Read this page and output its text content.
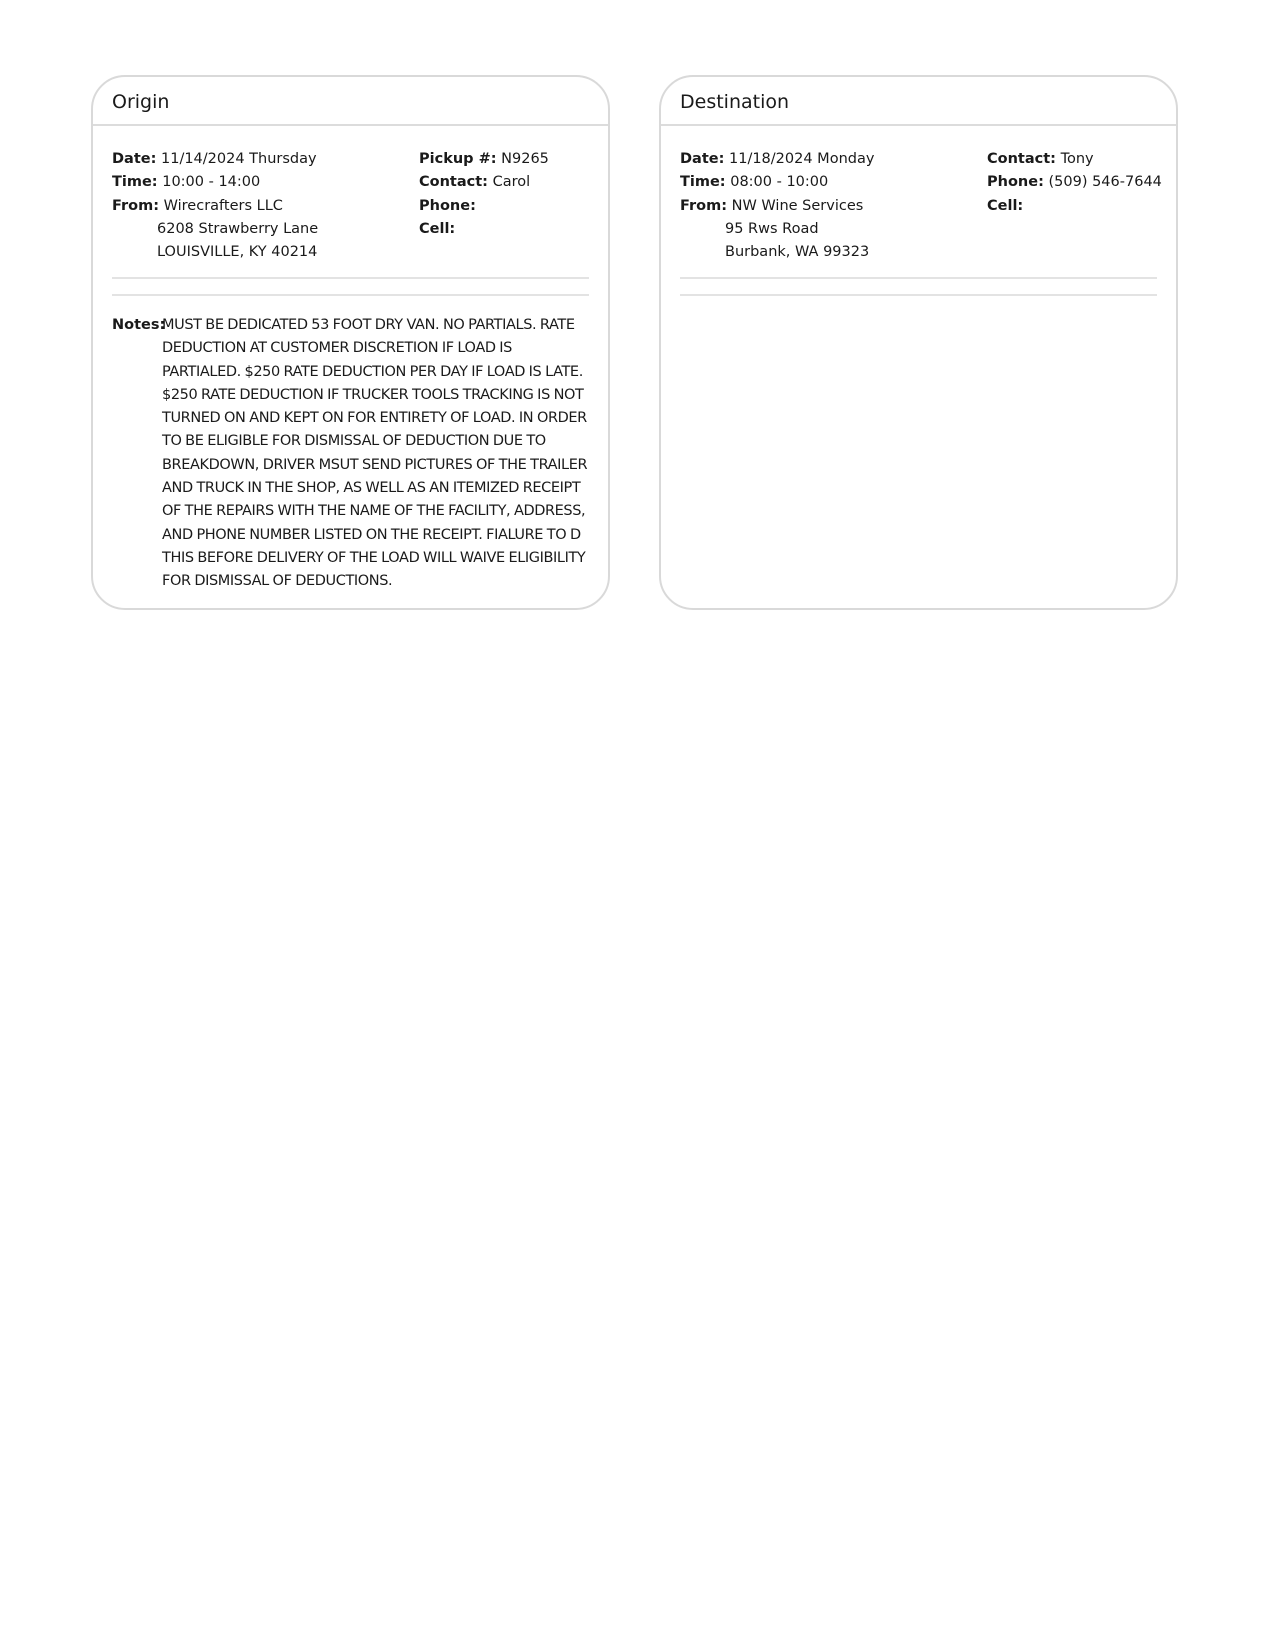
Origin
Date: 11/14/2024 Thursday
Time: 10:00 - 14:00
From: Wirecrafters LLC
6208 Strawberry Lane
LOUISVILLE, KY 40214
Pickup #: N9265
Contact: Carol
Phone:
Cell:
Notes:
MUST BE DEDICATED 53 FOOT DRY VAN. NO PARTIALS. RATE DEDUCTION AT CUSTOMER DISCRETION IF LOAD IS PARTIALED. $250 RATE DEDUCTION PER DAY IF LOAD IS LATE. $250 RATE DEDUCTION IF TRUCKER TOOLS TRACKING IS NOT TURNED ON AND KEPT ON FOR ENTIRETY OF LOAD. IN ORDER TO BE ELIGIBLE FOR DISMISSAL OF DEDUCTION DUE TO BREAKDOWN, DRIVER MSUT SEND PICTURES OF THE TRAILER AND TRUCK IN THE SHOP, AS WELL AS AN ITEMIZED RECEIPT OF THE REPAIRS WITH THE NAME OF THE FACILITY, ADDRESS, AND PHONE NUMBER LISTED ON THE RECEIPT. FIALURE TO D THIS BEFORE DELIVERY OF THE LOAD WILL WAIVE ELIGIBILITY FOR DISMISSAL OF DEDUCTIONS.
Destination
Date: 11/18/2024 Monday
Time: 08:00 - 10:00
From: NW Wine Services
95 Rws Road
Burbank, WA 99323
Contact: Tony
Phone: (509) 546-7644
Cell:
